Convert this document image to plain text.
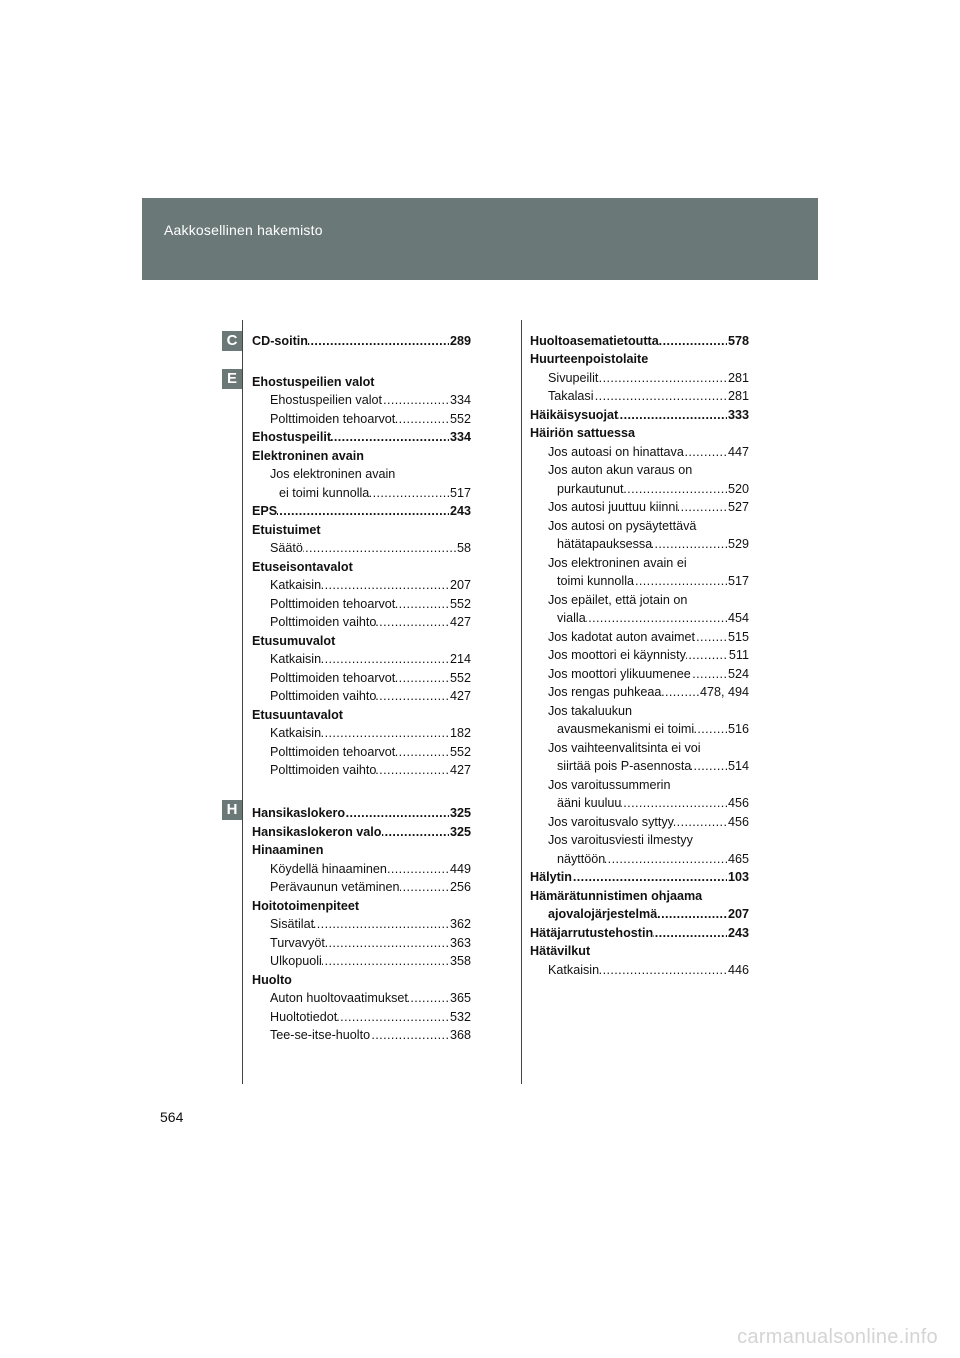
Aakkosellinen hakemisto
C
E
H
..... CD-soitin	289
Ehostuspeilien valot
..... Ehostuspeilien valot	334
..... Polttimoiden tehoarvot	552
..... Ehostuspeilit	334
Elektroninen avain
Jos elektroninen avain
..... ei toimi kunnolla	517
..... EPS	243
Etuistuimet
..... Säätö	58
Etuseisontavalot
..... Katkaisin	207
..... Polttimoiden tehoarvot	552
..... Polttimoiden vaihto	427
Etusumuvalot
..... Katkaisin	214
..... Polttimoiden tehoarvot	552
..... Polttimoiden vaihto	427
Etusuuntavalot
..... Katkaisin	182
..... Polttimoiden tehoarvot	552
..... Polttimoiden vaihto	427
..... Hansikaslokero	325
..... Hansikaslokeron valo	325
Hinaaminen
..... Köydellä hinaaminen	449
..... Perävaunun vetäminen	256
Hoitotoimenpiteet
..... Sisätilat	362
..... Turvavyöt	363
..... Ulkopuoli	358
Huolto
..... Auton huoltovaatimukset	365
..... Huoltotiedot	532
..... Tee-se-itse-huolto	368
..... Huoltoasematietoutta	578
Huurteenpoistolaite
..... Sivupeilit	281
..... Takalasi	281
..... Häikäisysuojat	333
Häiriön sattuessa
..... Jos autoasi on hinattava	447
Jos auton akun varaus on
..... purkautunut	520
..... Jos autosi juuttuu kiinni	527
Jos autosi on pysäytettävä
..... hätätapauksessa	529
Jos elektroninen avain ei
..... toimi kunnolla	517
Jos epäilet, että jotain on
..... vialla	454
..... Jos kadotat auton avaimet	515
..... Jos moottori ei käynnisty	511
..... Jos moottori ylikuumenee	524
..... Jos rengas puhkeaa	478, 494
Jos takaluukun
..... avausmekanismi ei toimi	516
Jos vaihteenvalitsinta ei voi
..... siirtää pois P-asennosta	514
Jos varoitussummerin
..... ääni kuuluu	456
..... Jos varoitusvalo syttyy	456
Jos varoitusviesti ilmestyy
..... näyttöön	465
..... Hälytin	103
Hämärätunnistimen ohjaama
..... ajovalojärjestelmä	207
..... Hätäjarrutustehostin	243
Hätävilkut
..... Katkaisin	446
564
carmanualsonline.info
